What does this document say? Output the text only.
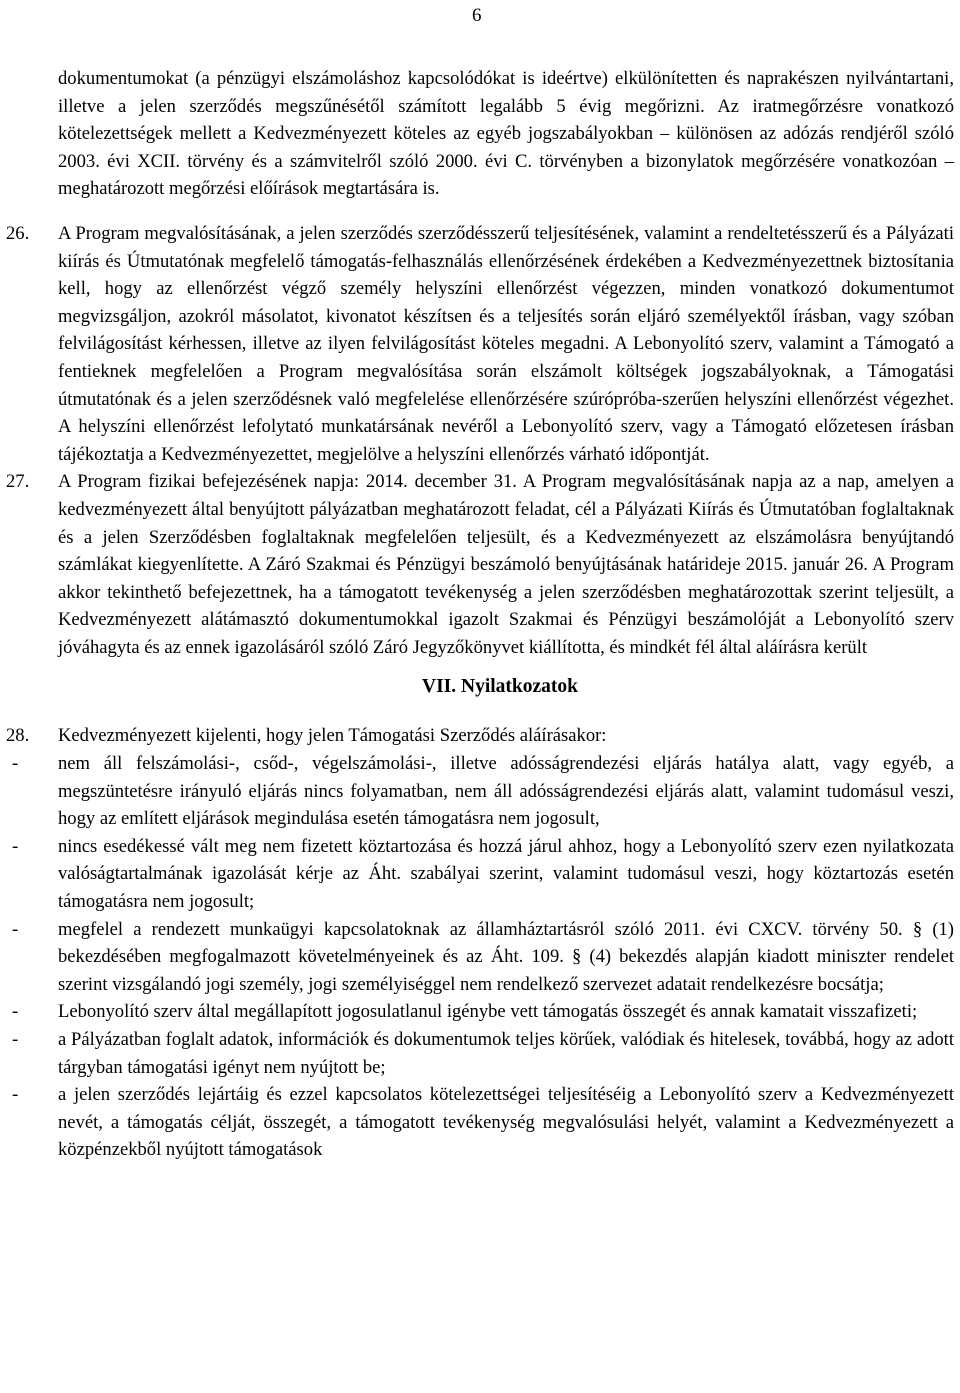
6

dokumentumokat (a pénzügyi elszámoláshoz kapcsolódókat is ideértve) elkülönítetten és naprakészen nyilvántartani, illetve a jelen szerződés megszűnésétől számított legalább 5 évig megőrizni. Az iratmegőrzésre vonatkozó kötelezettségek mellett a Kedvezményezett köteles az egyéb jogszabályokban – különösen az adózás rendjéről szóló 2003. évi XCII. törvény és a számvitelről szóló 2000. évi C. törvényben a bizonylatok megőrzésére vonatkozóan – meghatározott megőrzési előírások megtartására is.

26. A Program megvalósításának, a jelen szerződés szerződésszerű teljesítésének, valamint a rendeltetésszerű és a Pályázati kiírás és Útmutatónak megfelelő támogatás-felhasználás ellenőrzésének érdekében a Kedvezményezettnek biztosítania kell, hogy az ellenőrzést végző személy helyszíni ellenőrzést végezzen, minden vonatkozó dokumentumot megvizsgáljon, azokról másolatot, kivonatot készítsen és a teljesítés során eljáró személyektől írásban, vagy szóban felvilágosítást kérhessen, illetve az ilyen felvilágosítást köteles megadni. A Lebonyolító szerv, valamint a Támogató a fentieknek megfelelően a Program megvalósítása során elszámolt költségek jogszabályoknak, a Támogatási útmutatónak és a jelen szerződésnek való megfelelése ellenőrzésére szúrópróba-szerűen helyszíni ellenőrzést végezhet. A helyszíni ellenőrzést lefolytató munkatársának nevéről a Lebonyolító szerv, vagy a Támogató előzetesen írásban tájékoztatja a Kedvezményezettet, megjelölve a helyszíni ellenőrzés várható időpontját.
27. A Program fizikai befejezésének napja: 2014. december 31. A Program megvalósításának napja az a nap, amelyen a kedvezményezett által benyújtott pályázatban meghatározott feladat, cél a Pályázati Kiírás és Útmutatóban foglaltaknak és a jelen Szerződésben foglaltaknak megfelelően teljesült, és a Kedvezményezett az elszámolásra benyújtandó számlákat kiegyenlítette. A Záró Szakmai és Pénzügyi beszámoló benyújtásának határideje 2015. január 26. A Program akkor tekinthető befejezettnek, ha a támogatott tevékenység a jelen szerződésben meghatározottak szerint teljesült, a Kedvezményezett alátámasztó dokumentumokkal igazolt Szakmai és Pénzügyi beszámolóját a Lebonyolító szerv jóváhagyta és az ennek igazolásáról szóló Záró Jegyzőkönyvet kiállította, és mindkét fél által aláírásra került
VII. Nyilatkozatok
28. Kedvezményezett kijelenti, hogy jelen Támogatási Szerződés aláírásakor:
- nem áll felszámolási-, csőd-, végelszámolási-, illetve adósságrendezési eljárás hatálya alatt, vagy egyéb, a megszüntetésre irányuló eljárás nincs folyamatban, nem áll adósságrendezési eljárás alatt, valamint tudomásul veszi, hogy az említett eljárások megindulása esetén támogatásra nem jogosult,
- nincs esedékessé vált meg nem fizetett köztartozása és hozzá járul ahhoz, hogy a Lebonyolító szerv ezen nyilatkozata valóságtartalmának igazolását kérje az Áht. szabályai szerint, valamint tudomásul veszi, hogy köztartozás esetén támogatásra nem jogosult;
- megfelel a rendezett munkaügyi kapcsolatoknak az államháztartásról szóló 2011. évi CXCV. törvény 50. § (1) bekezdésében megfogalmazott követelményeinek és az Áht. 109. § (4) bekezdés alapján kiadott miniszter rendelet szerint vizsgálandó jogi személy, jogi személyiséggel nem rendelkező szervezet adatait rendelkezésre bocsátja;
- Lebonyolító szerv által megállapított jogosulatlanul igénybe vett támogatás összegét és annak kamatait visszafizeti;
- a Pályázatban foglalt adatok, információk és dokumentumok teljes körűek, valódiak és hitelesek, továbbá, hogy az adott tárgyban támogatási igényt nem nyújtott be;
- a jelen szerződés lejártáig és ezzel kapcsolatos kötelezettségei teljesítéséig a Lebonyolító szerv a Kedvezményezett nevét, a támogatás célját, összegét, a támogatott tevékenység megvalósulási helyét, valamint a Kedvezményezett a közpénzekből nyújtott támogatások
